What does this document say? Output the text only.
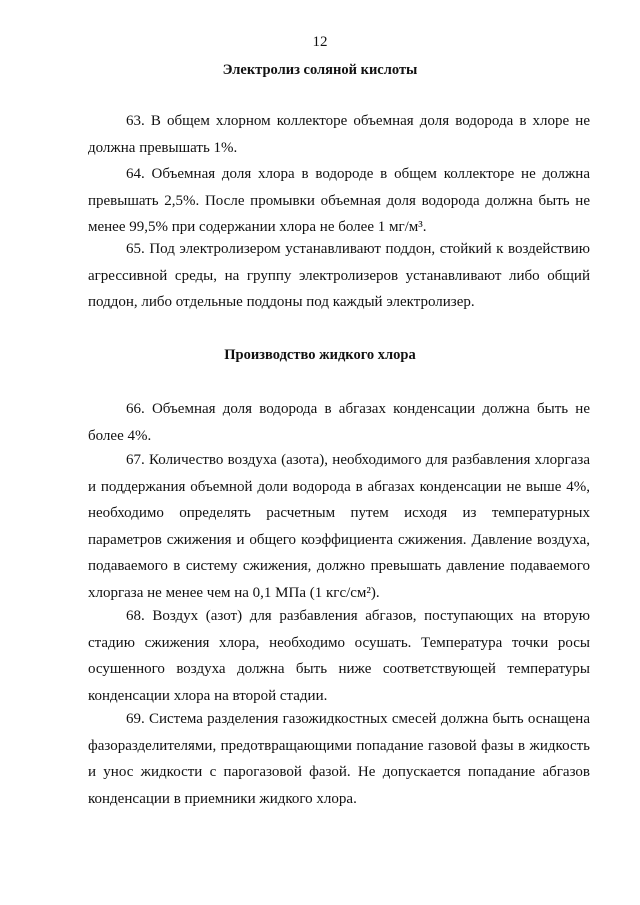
12
Электролиз соляной кислоты

63. В общем хлорном коллекторе объемная доля водорода в хлоре не должна превышать 1%.

64. Объемная доля хлора в водороде в общем коллекторе не должна превышать 2,5%. После промывки объемная доля водорода должна быть не менее 99,5% при содержании хлора не более 1 мг/м³.

65. Под электролизером устанавливают поддон, стойкий к воздействию агрессивной среды, на группу электролизеров устанавливают либо общий поддон, либо отдельные поддоны под каждый электролизер.

Производство жидкого хлора

66. Объемная доля водорода в абгазах конденсации должна быть не более 4%.

67. Количество воздуха (азота), необходимого для разбавления хлоргаза и поддержания объемной доли водорода в абгазах конденсации не выше 4%, необходимо определять расчетным путем исходя из температурных параметров сжижения и общего коэффициента сжижения. Давление воздуха, подаваемого в систему сжижения, должно превышать давление подаваемого хлоргаза не менее чем на 0,1 МПа (1 кгс/см²).

68. Воздух (азот) для разбавления абгазов, поступающих на вторую стадию сжижения хлора, необходимо осушать. Температура точки росы осушенного воздуха должна быть ниже соответствующей температуры конденсации хлора на второй стадии.

69. Система разделения газожидкостных смесей должна быть оснащена фазоразделителями, предотвращающими попадание газовой фазы в жидкость и унос жидкости с парогазовой фазой. Не допускается попадание абгазов конденсации в приемники жидкого хлора.
